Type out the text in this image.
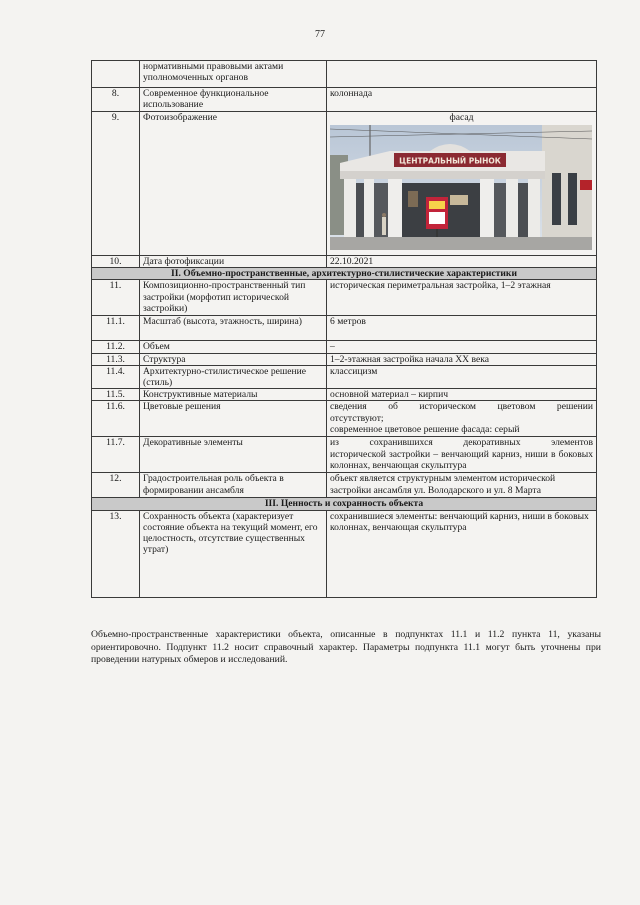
77
	нормативными правовыми актами уполномоченных органов	
8.	Современное функциональное использование	колоннада
9.	Фотоизображение	фасад
ЦЕНТРАЛЬНЫЙ РЫНОК

10.	Дата фотофиксации	22.10.2021
II. Объемно-пространственные, архитектурно-стилистические характеристики		
11.	Композиционно-пространственный тип застройки (морфотип исторической застройки)	историческая периметральная застройка, 1–2 этажная
11.1.	Масштаб (высота, этажность, ширина)	6 метров
11.2.	Объем	–
11.3.	Структура	1–2-этажная застройка начала XX века
11.4.	Архитектурно-стилистическое решение (стиль)	классицизм
11.5.	Конструктивные материалы	основной материал – кирпич
11.6.	Цветовые решения	сведения об историческом цветовом решении
отсутствуют;
современное цветовое решение фасада: серый

11.7.	Декоративные элементы	из сохранившихся декоративных элементов
исторической застройки – венчающий карниз, ниши в боковых колоннах, венчающая скульптура

12.	Градостроительная роль объекта в формировании ансамбля	объект является структурным элементом исторической застройки ансамбля ул. Володарского и ул. 8 Марта
III. Ценность и сохранность объекта		
13.	Сохранность объекта (характеризует состояние объекта на текущий момент, его целостность, отсутствие существенных утрат)	сохранившиеся элементы: венчающий карниз, ниши в боковых колоннах, венчающая скульптура
Объемно-пространственные характеристики объекта, описанные в подпунктах 11.1 и 11.2 пункта 11, указаны ориентировочно. Подпункт 11.2 носит справочный характер. Параметры подпункта 11.1 могут быть уточнены при проведении натурных обмеров и исследований.
